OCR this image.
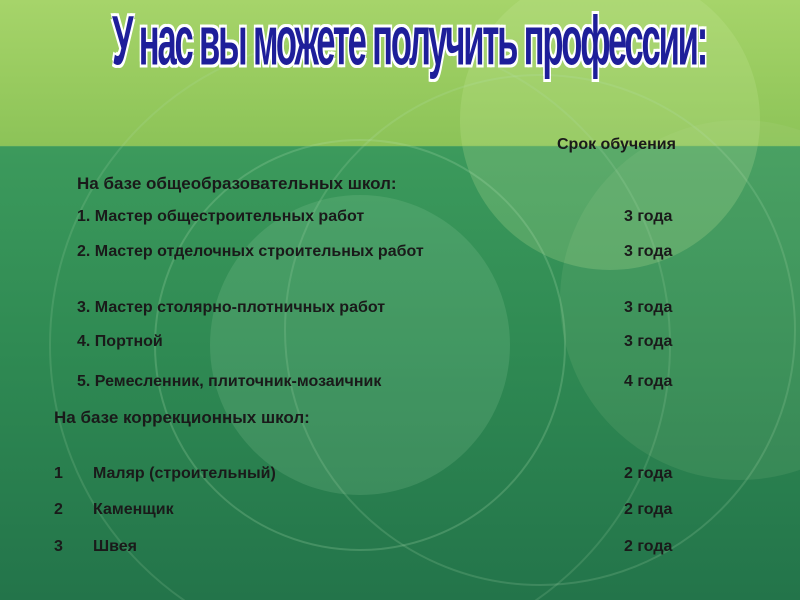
У нас вы можете получить профессии:
Срок обучения
На базе общеобразовательных школ:
1. Мастер общестроительных работ	3 года
2. Мастер отделочных строительных работ	3 года
3. Мастер столярно-плотничных работ	3 года
4. Портной	3 года
5. Ремесленник, плиточник-мозаичник	4 года
На базе коррекционных школ:
1 Маляр (строительный)	2 года
2 Каменщик	2 года
3 Швея	2 года
